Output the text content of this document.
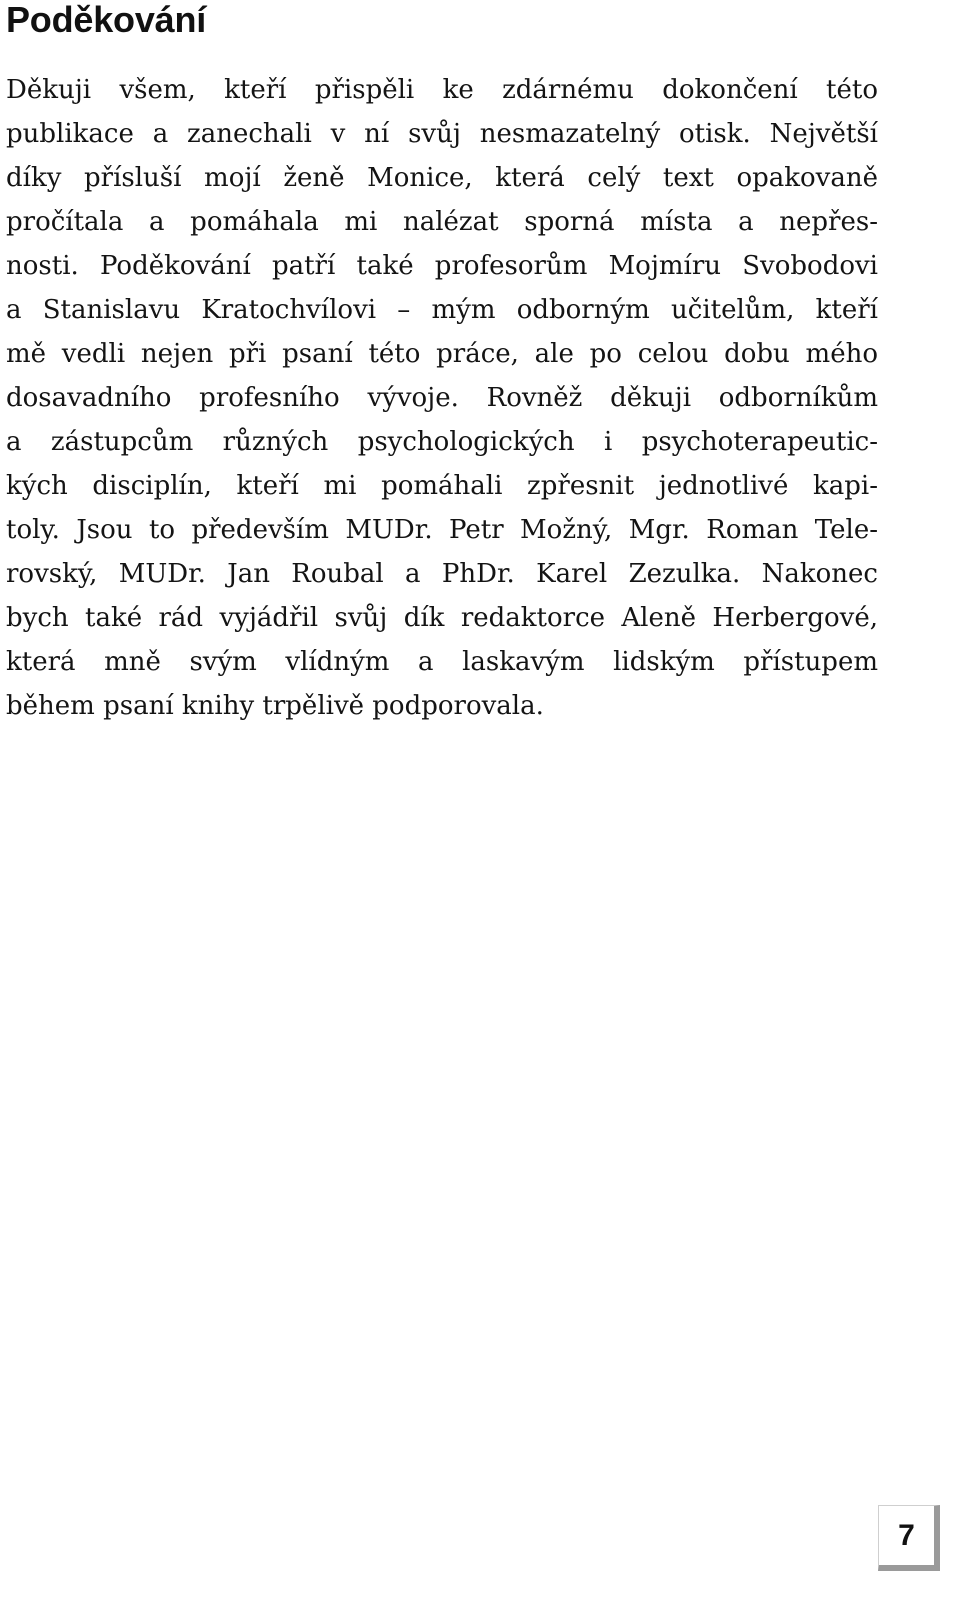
Poděkování
Děkuji všem, kteří přispěli ke zdárnému dokončení této
publikace a zanechali v ní svůj nesmazatelný otisk. Největší
díky přísluší mojí ženě Monice, která celý text opakovaně
pročítala a pomáhala mi nalézat sporná místa a nepřes-
nosti. Poděkování patří také profesorům Mojmíru Svobodovi
a Stanislavu Kratochvílovi – mým odborným učitelům, kteří
mě vedli nejen při psaní této práce, ale po celou dobu mého
dosavadního profesního vývoje. Rovněž děkuji odborníkům
a zástupcům různých psychologických i psychoterapeutic-
kých disciplín, kteří mi pomáhali zpřesnit jednotlivé kapi-
toly. Jsou to především MUDr. Petr Možný, Mgr. Roman Tele-
rovský, MUDr. Jan Roubal a PhDr. Karel Zezulka. Nakonec
bych také rád vyjádřil svůj dík redaktorce Aleně Herbergové,
která mně svým vlídným a laskavým lidským přístupem
během psaní knihy trpělivě podporovala.
7
